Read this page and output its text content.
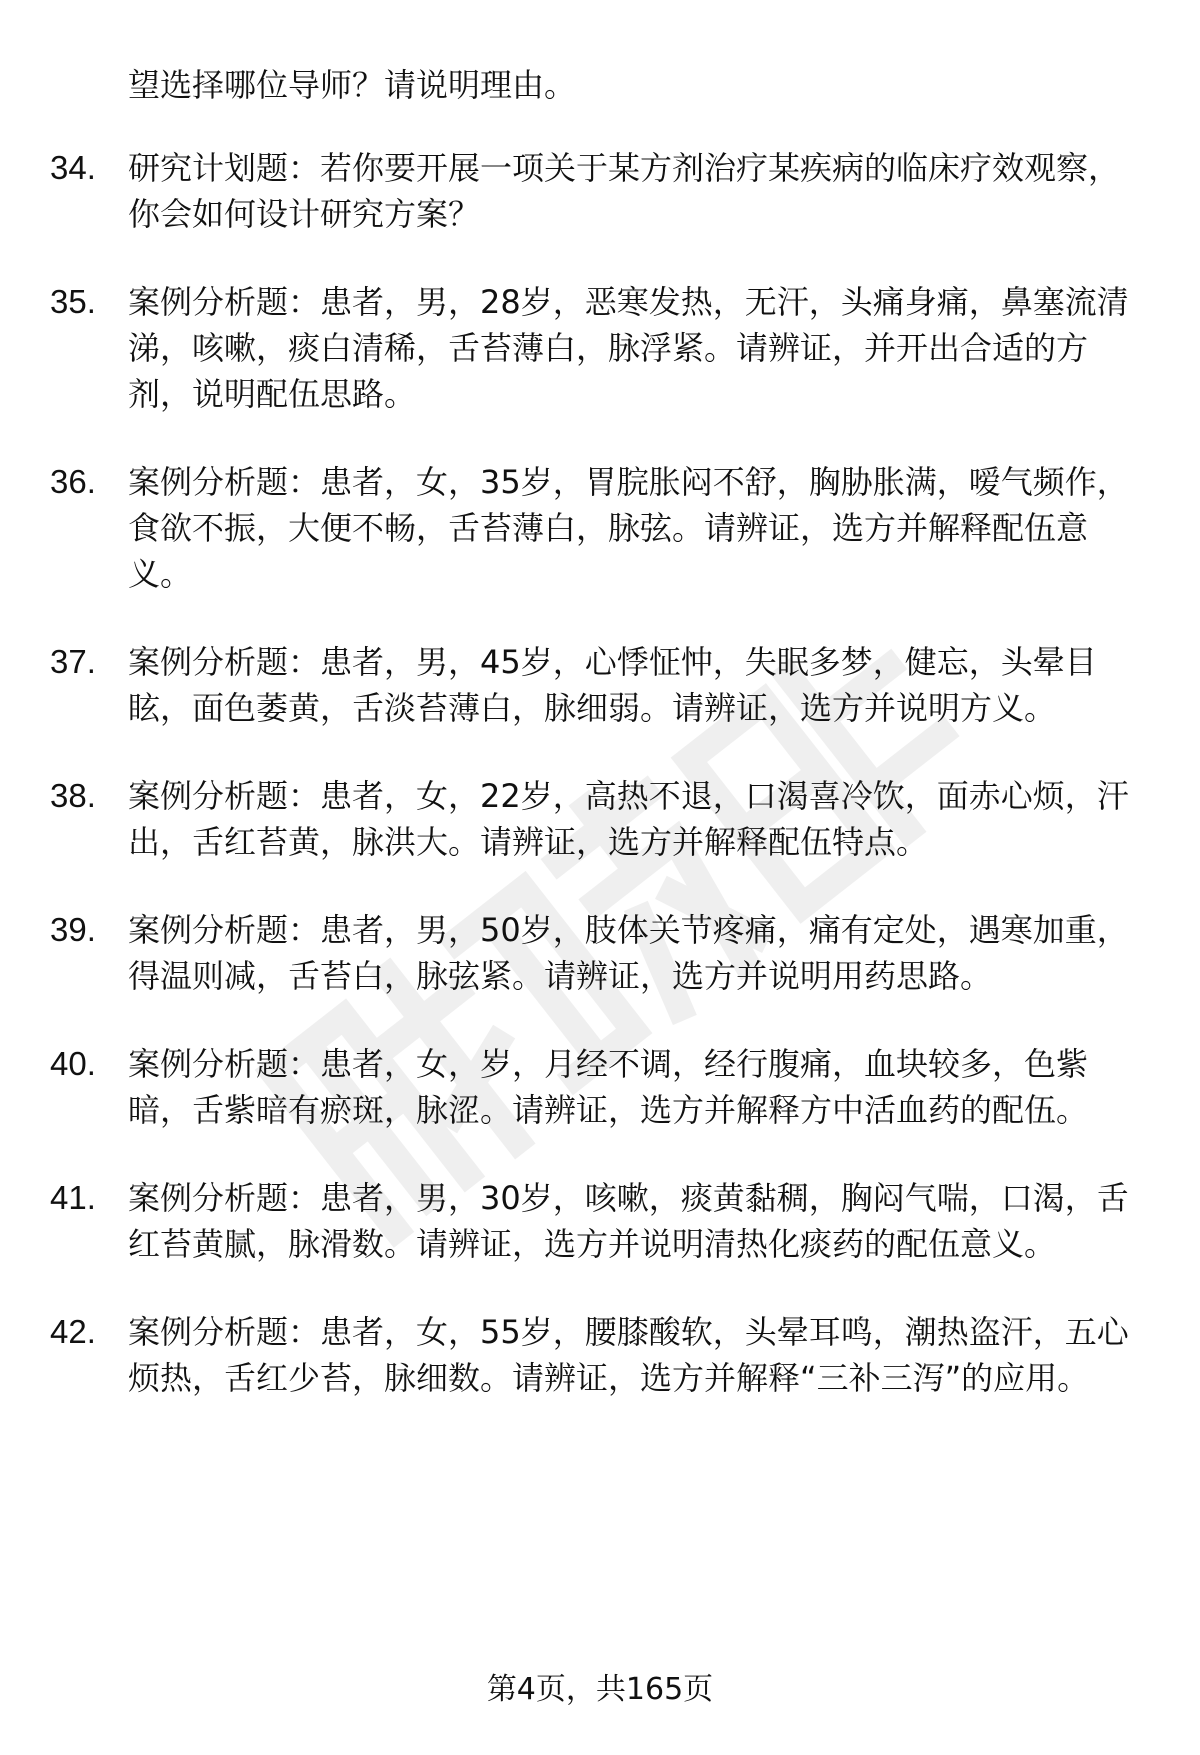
望选择哪位导师？请说明理由。
34.	研究计划题：若你要开展一项关于某方剂治疗某疾病的临床疗效观察，你会如何设计研究方案？
35.	案例分析题：患者，男，28岁，恶寒发热，无汗，头痛身痛，鼻塞流清涕，咳嗽，痰白清稀，舌苔薄白，脉浮紧。请辨证，并开出合适的方剂，说明配伍思路。
36.	案例分析题：患者，女，35岁，胃脘胀闷不舒，胸胁胀满，嗳气频作，食欲不振，大便不畅，舌苔薄白，脉弦。请辨证，选方并解释配伍意义。
37.	案例分析题：患者，男，45岁，心悸怔忡，失眠多梦，健忘，头晕目眩，面色萎黄，舌淡苔薄白，脉细弱。请辨证，选方并说明方义。
38.	案例分析题：患者，女，22岁，高热不退，口渴喜冷饮，面赤心烦，汗出，舌红苔黄，脉洪大。请辨证，选方并解释配伍特点。
39.	案例分析题：患者，男，50岁，肢体关节疼痛，痛有定处，遇寒加重，得温则减，舌苔白，脉弦紧。请辨证，选方并说明用药思路。
40.	案例分析题：患者，女，岁，月经不调，经行腹痛，血块较多，色紫暗，舌紫暗有瘀斑，脉涩。请辨证，选方并解释方中活血药的配伍。
41.	案例分析题：患者，男，30岁，咳嗽，痰黄黏稠，胸闷气喘，口渴，舌红苔黄腻，脉滑数。请辨证，选方并说明清热化痰药的配伍意义。
42.	案例分析题：患者，女，55岁，腰膝酸软，头晕耳鸣，潮热盗汗，五心烦热，舌红少苔，脉细数。请辨证，选方并解释“三补三泻”的应用。
第4页，共165页
